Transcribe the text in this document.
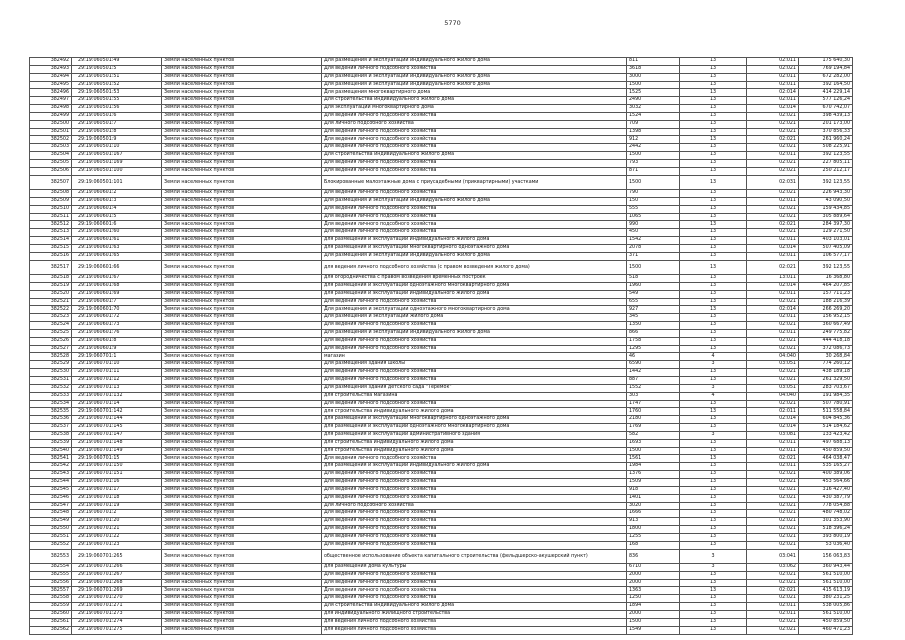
5770
382492	29:19:060501:49	Земли населенных пунктов	Для размещения и эксплуатации индивидуального жилого дома	811	13	02:011	175 640,30
382493	29:19:060501:5	Земли населенных пунктов	Для ведения личного подсобного хозяйства	3618	13	02:021	769 194,84
382494	29:19:060501:51	Земли населенных пунктов	Для размещения и эксплуатации индивидуального жилого дома	3000	13	02:011	672 282,00
382495	29:19:060501:52	Земли населенных пунктов	Для размещения и эксплуатации индивидуального жилого дома	1500	13	02:011	392 164,50
382496	29:19:060501:53	Земли населенных пунктов	Для размещения многоквартирного дома	1525	13	02:014	414 229,14
382497	29:19:060501:55	Земли населенных пунктов	Для строительства индивидуального жилого дома	2490	13	02:011	577 126,24
382498	29:19:060501:56	Земли населенных пунктов	Для эксплуатации многоквартирного дома	3032	13	02:014	670 742,07
382499	29:19:060501:6	Земли населенных пунктов	Для ведения личного подсобного хозяйства	1524	13	02:021	398 439,13
382500	29:19:060501:7	Земли населенных пунктов	Для личного подсобного хозяйства	709	13	02:021	201 173,00
382501	29:19:060501:8	Земли населенных пунктов	Для ведения личного подсобного хозяйства	1398	13	02:021	370 856,33
382502	29:19:060501:9	Земли населенных пунктов	Для ведения личного подсобного хозяйства	912	13	02:021	261 960,24
382503	29:19:060501:10	Земли населенных пунктов	Для ведения личного подсобного хозяйства	2442	13	02:021	508 225,91
382504	29:19:060501:167	Земли населенных пунктов	Для строительства индивидуального жилого дома	1500	13	02:011	392 123,55
382505	29:19:060501:169	Земли населенных пунктов	Для ведения личного подсобного хозяйства	793	13	02:021	227 805,11
382506	29:19:060501:100	Земли населенных пунктов	Для ведения личного подсобного хозяйства	871	13	02:021	250 212,17
382507	29:19:060501:101	Земли населенных пунктов	Блокированные малоэтажные дома с приусадебными (приквартирными) участками	1500	13	02:031	392 123,55
382508	29:19:060601:2	Земли населенных пунктов	Для ведения личного подсобного хозяйства	790	13	02:021	226 943,30
382509	29:19:060601:3	Земли населенных пунктов	Для размещения и эксплуатации индивидуального жилого дома	150	13	02:011	43 090,50
382510	29:19:060601:4	Земли населенных пунктов	Для ведения личного подсобного хозяйства	555	13	02:021	159 434,85
382511	29:19:060601:5	Земли населенных пунктов	Для ведения личного подсобного хозяйства	1065	13	02:021	305 889,64
382512	29:19:060601:6	Земли населенных пунктов	Для ведения личного подсобного хозяйства	990	13	02:021	284 397,30
382513	29:19:060601:60	Земли населенных пунктов	Для ведения личного подсобного хозяйства	450	13	02:021	129 271,50
382514	29:19:060601:61	Земли населенных пунктов	для размещения и эксплуатации индивидуального жилого дома	1542	13	02:011	403 103,01
382515	29:19:060601:63	Земли населенных пунктов	для размещения и эксплуатации многоквартирного одноэтажного дома	2078	13	02:014	507 405,09
382516	29:19:060601:65	Земли населенных пунктов	Для размещения и эксплуатации индивидуального жилого дома	371	13	02:011	106 577,17
382517	29:19:060601:66	Земли населенных пунктов	для ведения личного подсобного хозяйства (с правом возведения жилого дома)	1500	13	02:021	392 123,55
382518	29:19:060601:67	Земли населенных пунктов	для огородничества с правом возведения временных построек	518	13	13:011	16 368,80
382519	29:19:060601:68	Земли населенных пунктов	для размещения и эксплуатации одноэтажного многоквартирного дома	1960	13	02:014	464 207,85
382520	29:19:060601:69	Земли населенных пунктов	для размещения и эксплуатации индивидуального жилого дома	549	13	02:011	157 711,23
382521	29:19:060601:7	Земли населенных пунктов	Для ведения личного подсобного хозяйства	655	13	02:021	188 216,39
382522	29:19:060601:70	Земли населенных пунктов	Для размещения и эксплуатации одноэтажного многоквартирного дома	927	13	02:014	266 269,20
382523	29:19:060601:72	Земли населенных пунктов	Для размещения и эксплуатации жилого дома	345	13	02:011	156 952,15
382524	29:19:060601:73	Земли населенных пунктов	Для ведения личного подсобного хозяйства	1350	13	02:021	360 667,49
382525	29:19:060601:76	Земли населенных пунктов	Для размещения и эксплуатации индивидуального жилого дома	866	13	02:011	249 775,82
382526	29:19:060601:8	Земли населенных пунктов	Для ведения личного подсобного хозяйства	1758	13	02:021	444 418,18
382527	29:19:060601:9	Земли населенных пунктов	Для ведения личного подсобного хозяйства	1295	13	02:021	372 086,73
382528	29:19:060701:1	Земли населенных пунктов	магазин	46	4	04:040	30 268,84
382529	29:19:060701:10	Земли населенных пунктов	Для размещения здания школы	6590	3	03:051	774 260,12
382530	29:19:060701:11	Земли населенных пунктов	Для ведения личного подсобного хозяйства	1442	13	02:021	438 189,18
382531	29:19:060701:12	Земли населенных пунктов	Для ведения личного подсобного хозяйства	887	13	02:021	261 329,50
382532	29:19:060701:13	Земли населенных пунктов	Для размещения здания детского сада "Теремок"	1552	3	03:051	283 703,67
382533	29:19:060701:132	Земли населенных пунктов	для строительства магазина	303	4	04:040	191 984,35
382534	29:19:060701:14	Земли населенных пунктов	Для ведения личного подсобного хозяйства	1747	13	02:021	507 780,91
382535	29:19:060701:142	Земли населенных пунктов	для строительства индивидуального жилого дома	1760	13	02:011	511 558,84
382536	29:19:060701:144	Земли населенных пунктов	для размещения и эксплуатации многоквартирного одноэтажного дома	2180	13	02:014	604 845,36
382537	29:19:060701:145	Земли населенных пунктов	для размещения и эксплуатации одноэтажного многоквартирного дома	1769	13	02:014	514 184,62
382538	29:19:060701:147	Земли населенных пунктов	для размещения и эксплуатации административного здания	582	3	03:081	133 423,42
382539	29:19:060701:148	Земли населенных пунктов	для строительства индивидуального жилого дома	1693	13	02:011	497 688,13
382540	29:19:060701:149	Земли населенных пунктов	для строительства индивидуального жилого дома	1500	13	02:011	450 859,50
382541	29:19:060701:15	Земли населенных пунктов	Для ведения личного подсобного хозяйства	1561	13	02:021	464 038,47
382542	29:19:060701:150	Земли населенных пунктов	для размещения и эксплуатации индивидуального жилого дома	1984	13	02:011	535 165,27
382543	29:19:060701:151	Земли населенных пунктов	Для ведения личного подсобного хозяйства	1376	13	02:021	400 389,06
382544	29:19:060701:16	Земли населенных пунктов	Для ведения личного подсобного хозяйства	1509	13	02:021	453 564,66
382545	29:19:060701:17	Земли населенных пунктов	Для ведения личного подсобного хозяйства	918	13	02:021	316 427,40
382546	29:19:060701:18	Земли населенных пунктов	Для ведения личного подсобного хозяйства	1401	13	02:021	430 387,79
382547	29:19:060701:19	Земли населенных пунктов	Для личного подсобного хозяйства	3020	13	02:021	778 054,88
382548	29:19:060701:2	Земли населенных пунктов	Для ведения личного подсобного хозяйства	1666	13	02:021	480 748,02
382549	29:19:060701:20	Земли населенных пунктов	Для ведения личного подсобного хозяйства	913	13	02:021	301 353,90
382550	29:19:060701:21	Земли населенных пунктов	Для ведения личного подсобного хозяйства	1800	13	02:021	518 396,24
382551	29:19:060701:22	Земли населенных пунктов	Для ведения личного подсобного хозяйства	1255	13	02:021	393 800,19
382552	29:19:060701:23	Земли населенных пунктов	Для ведения личного подсобного хозяйства	168	13	02:021	53 036,40
382553	29:19:060701:265	Земли населенных пунктов	общественное использование объекта капитального строительства (фельдшерско-акушерский пункт)	836	3	03:041	156 063,83
382554	29:19:060701:266	Земли населенных пунктов	для размещения дома культуры	6710	3	03:062	360 943,44
382555	29:19:060701:267	Земли населенных пунктов	Для ведения личного подсобного хозяйства	2000	13	02:021	561 510,00
382556	29:19:060701:268	Земли населенных пунктов	Для ведения личного подсобного хозяйства	2000	13	02:021	561 510,00
382557	29:19:060701:269	Земли населенных пунктов	Для ведения личного подсобного хозяйства	1363	13	02:021	415 613,19
382558	29:19:060701:270	Земли населенных пунктов	Для ведения личного подсобного хозяйства	1250	13	02:021	380 231,25
382559	29:19:060701:271	Земли населенных пунктов	Для строительства индивидуального жилого дома	1894	13	02:011	538 005,86
382560	29:19:060701:273	Земли населенных пунктов	для индивидуального жилищного строительства	2000	13	02:011	561 510,00
382561	29:19:060701:274	Земли населенных пунктов	для ведения личного подсобного хозяйства	1500	13	02:021	450 859,50
382562	29:19:060701:275	Земли населенных пунктов	для ведения личного подсобного хозяйства	1549	13	02:021	460 471,23
